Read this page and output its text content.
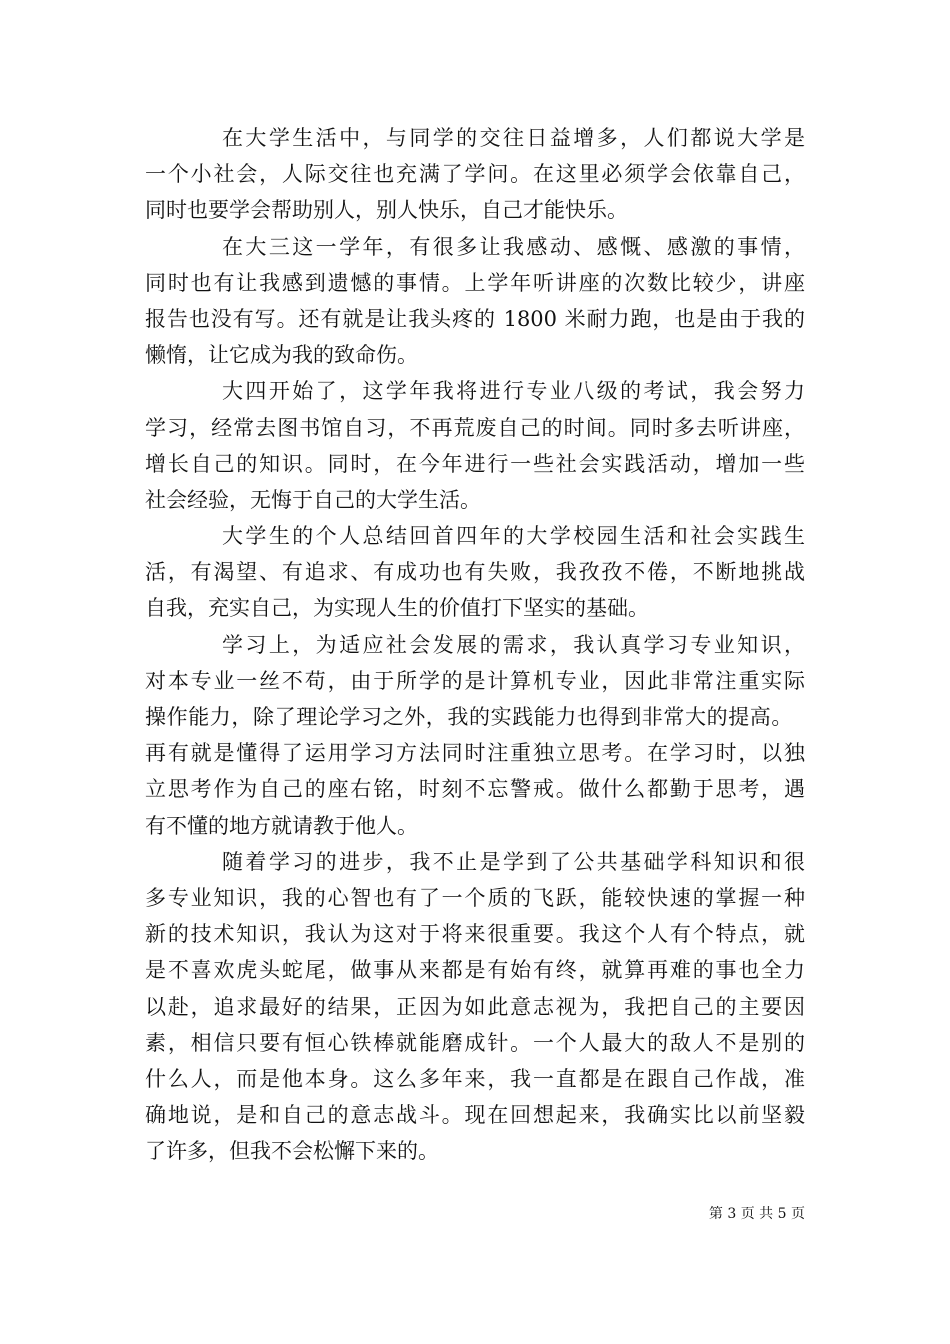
在大学生活中，与同学的交往日益增多，人们都说大学是
一个小社会，人际交往也充满了学问。在这里必须学会依靠自己，
同时也要学会帮助别人，别人快乐，自己才能快乐。
在大三这一学年，有很多让我感动、感慨、感激的事情，
同时也有让我感到遗憾的事情。上学年听讲座的次数比较少，讲座
报告也没有写。还有就是让我头疼的 1800 米耐力跑，也是由于我的
懒惰，让它成为我的致命伤。
大四开始了，这学年我将进行专业八级的考试，我会努力
学习，经常去图书馆自习，不再荒废自己的时间。同时多去听讲座，
增长自己的知识。同时，在今年进行一些社会实践活动，增加一些
社会经验，无悔于自己的大学生活。
大学生的个人总结回首四年的大学校园生活和社会实践生
活，有渴望、有追求、有成功也有失败，我孜孜不倦，不断地挑战
自我，充实自己，为实现人生的价值打下坚实的基础。
学习上，为适应社会发展的需求，我认真学习专业知识，
对本专业一丝不苟，由于所学的是计算机专业，因此非常注重实际
操作能力，除了理论学习之外，我的实践能力也得到非常大的提高。
再有就是懂得了运用学习方法同时注重独立思考。在学习时，以独
立思考作为自己的座右铭，时刻不忘警戒。做什么都勤于思考，遇
有不懂的地方就请教于他人。
随着学习的进步，我不止是学到了公共基础学科知识和很
多专业知识，我的心智也有了一个质的飞跃，能较快速的掌握一种
新的技术知识，我认为这对于将来很重要。我这个人有个特点，就
是不喜欢虎头蛇尾，做事从来都是有始有终，就算再难的事也全力
以赴，追求最好的结果，正因为如此意志视为，我把自己的主要因
素，相信只要有恒心铁棒就能磨成针。一个人最大的敌人不是别的
什么人，而是他本身。这么多年来，我一直都是在跟自己作战，准
确地说，是和自己的意志战斗。现在回想起来，我确实比以前坚毅
了许多，但我不会松懈下来的。
第 3 页 共 5 页
